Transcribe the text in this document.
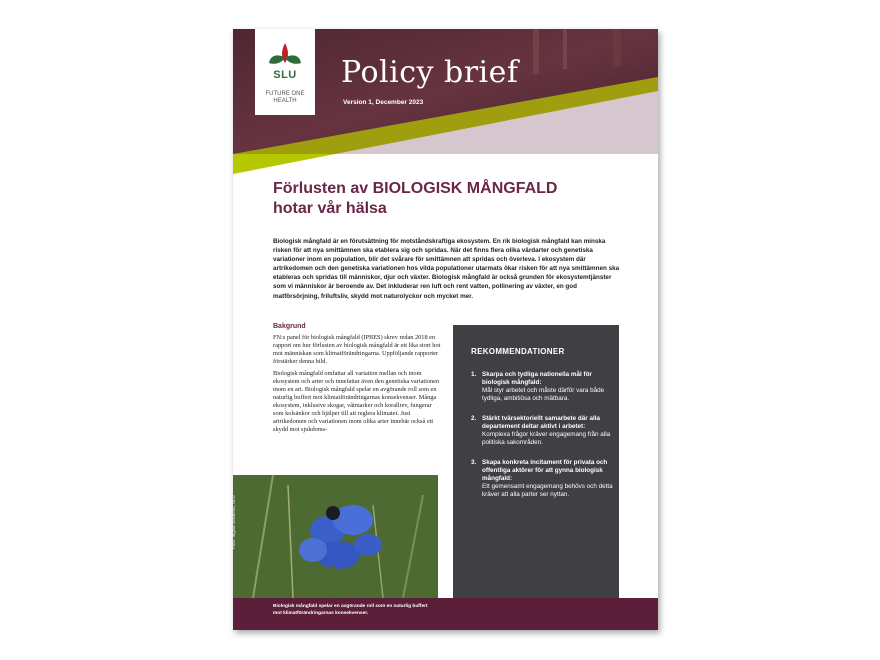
SLU
FUTURE ONE HEALTH
Policy brief
Version 1, December 2023
Förlusten av BIOLOGISK MÅNGFALD
hotar vår hälsa
Biologisk mångfald är en förutsättning för motståndskraftiga ekosystem. En rik biologisk mångfald kan minska risken för att nya smittämnen ska etablera sig och spridas. När det finns flera olika värdarter och genetiska variationer inom en population, blir det svårare för smittämnen att spridas och överleva. I ekosystem där artrikedomen och den genetiska variationen hos vilda populationer utarmats ökar risken för att nya smittämnen ska etableras och spridas till människor, djur och växter. Biologisk mångfald är också grunden för ekosystemtjänster som vi människor är beroende av. Det inkluderar ren luft och rent vatten, pollinering av växter, en god matförsörjning, friluftsliv, skydd mot naturolyckor och mycket mer.
Bakgrund

FN:s panel för biologisk mångfald (IPBES) skrev redan 2018 en rapport om hur förlusten av biologisk mångfald är ett lika stort hot mot människan som klimatförändringarna. Uppföljande rapporter förstärker denna bild.

Biologisk mångfald omfattar all variation mellan och inom ekosystem och arter och innefattar även den genetiska variationen inom en art. Biologisk mångfald spelar en avgörande roll som en naturlig buffert mot klimatförändringarnas konsekvenser. Många ekosystem, inklusive skogar, våtmarker och korallrev, fungerar som kolsänkor och hjälper till att reglera klimatet. Just artrikedomen och variationen inom olika arter innebär också ett skydd mot sjukdoms-

REKOMMENDATIONER
1. Skarpa och tydliga nationella mål för biologisk mångfald:
Mål styr arbetet och måste därför vara både tydliga, ambitiösa och mätbara.
2. Stärkt tvärsektoriellt samarbete där alla departement deltar aktivt i arbetet:
Komplexa frågor kräver engagemang från alla politiska sakområden.
3. Skapa konkreta incitament för privata och offentliga aktörer för att gynna biologisk mångfald:
Ett gemensamt engagemang behövs och detta kräver att alla parter ser nyttan.
Foto: Ingvar Backéus, SLU
Biologisk mångfald spelar en avgörande roll som en naturlig buffert mot klimatförändringarnas konsekvenser.
